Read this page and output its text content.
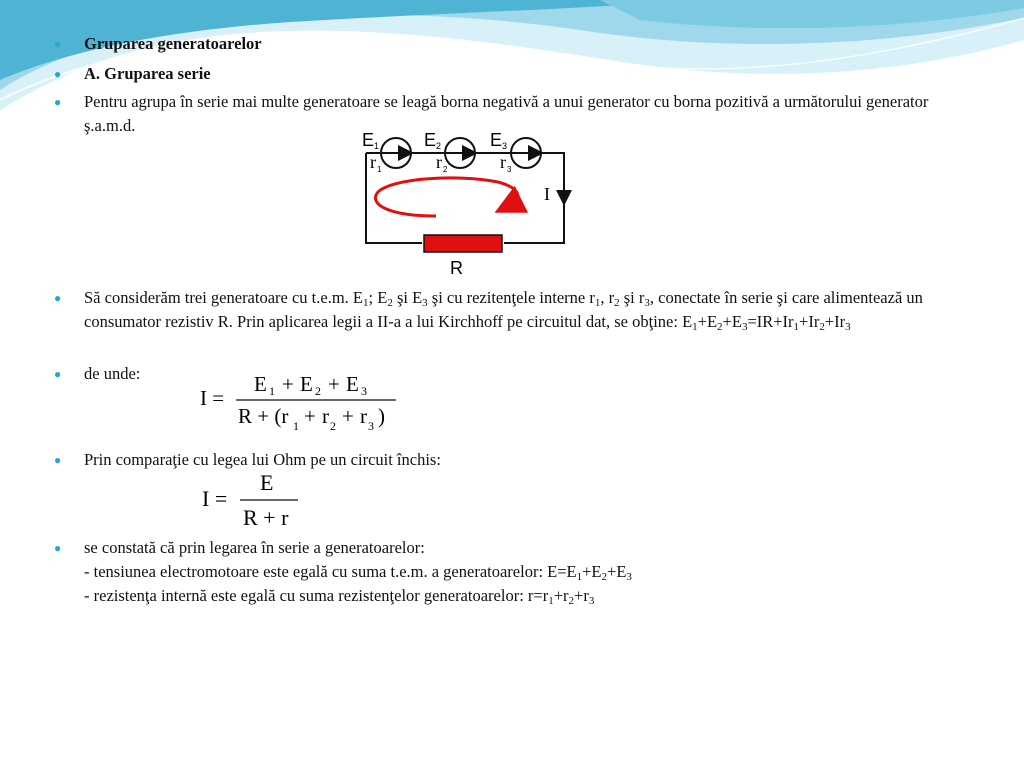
● Gruparea generatoarelor
● A. Gruparea serie
● Pentru agrupa în serie mai multe generatoare se leagă borna negativă a unui generator cu borna pozitivă a următorului generator ş.a.m.d.
● Să considerăm trei generatoare cu t.e.m. $E_1$; $E_2$ şi $E_3$ şi cu rezitenţele interne $r_1$, $r_2$ şi $r_3$, conectate în serie şi care alimentează un consumator rezistiv R. Prin aplicarea legii a II-a a lui Kirchhoff pe circuitul dat, se obţine: $E_1+E_2+E_3=IR+Ir_1+Ir_2+Ir_3$
● de unde:
● Prin comparaţie cu legea lui Ohm pe un circuit închis:
● se constată că prin legarea în serie a generatoarelor:
- tensiunea electromotoare este egală cu suma t.e.m. a generatoarelor: $E=E_1+E_2+E_3$
- rezistenţa internă este egală cu suma rezistenţelor generatoarelor: $r=r_1+r_2+r_3$
E 1 E 2	E 3
r 1	r 2	r 3
I
R
I =
E 1 + E 2 + E 3
R + (r 1 + r 2 + r 3 )
I =
E
R + r
